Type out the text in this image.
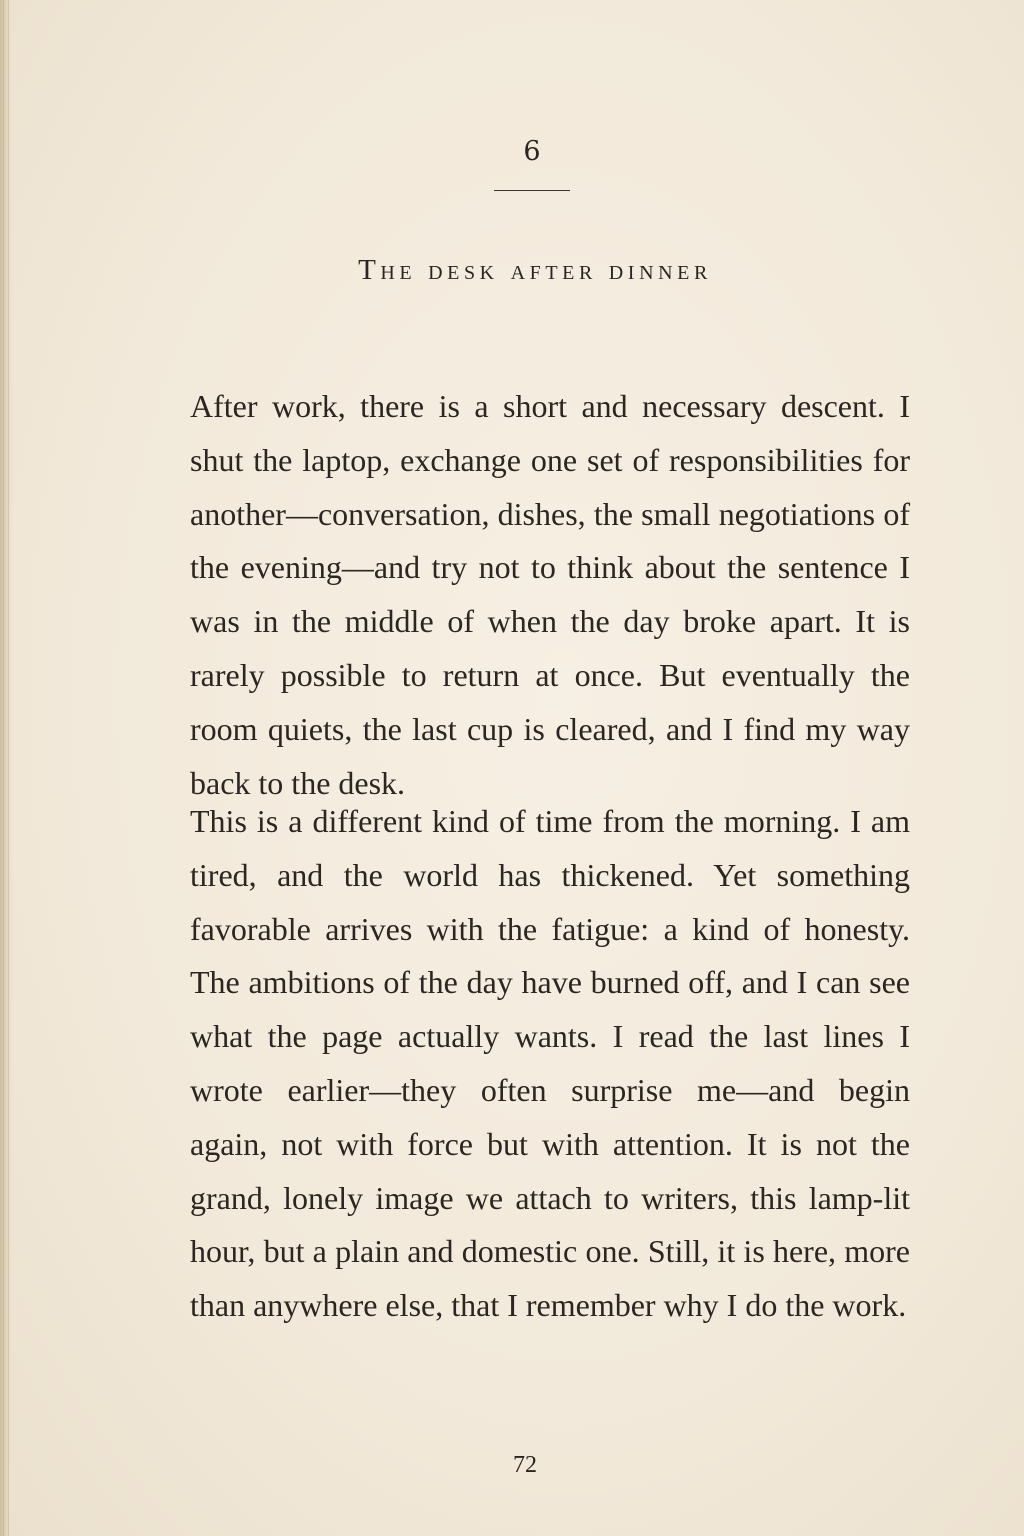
6
The desk after dinner

After work, there is a short and necessary descent. I shut the laptop, exchange one set of responsibilities for another—conversation, dishes, the small negotiations of the evening—and try not to think about the sentence I was in the middle of when the day broke apart. It is rarely possible to return at once. But eventually the room quiets, the last cup is cleared, and I find my way back to the desk.

This is a different kind of time from the morning. I am tired, and the world has thickened. Yet something favorable arrives with the fatigue: a kind of honesty. The ambitions of the day have burned off, and I can see what the page actually wants. I read the last lines I wrote earlier—they often surprise me—and begin again, not with force but with attention. It is not the grand, lonely image we attach to writers, this lamp-lit hour, but a plain and domestic one. Still, it is here, more than anywhere else, that I remember why I do the work.

72
